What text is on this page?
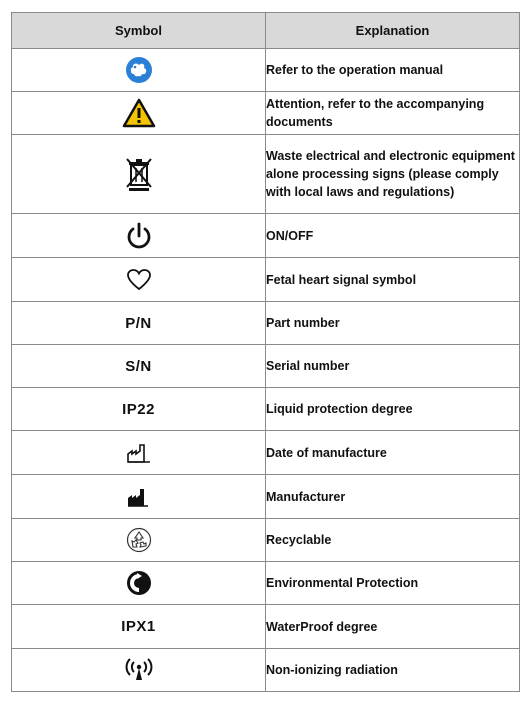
Symbol	Explanation

	Refer to the operation manual

	Attention, refer to the accompanying documents

	Waste electrical and electronic equipment alone processing signs (please comply with local laws and regulations)

	ON/OFF

	Fetal heart signal symbol
P/N	Part number
S/N	Serial number
IP22	Liquid protection degree

	Date of manufacture

	Manufacturer

	Recyclable

	Environmental Protection
IPX1	WaterProof degree

	Non-ionizing radiation
